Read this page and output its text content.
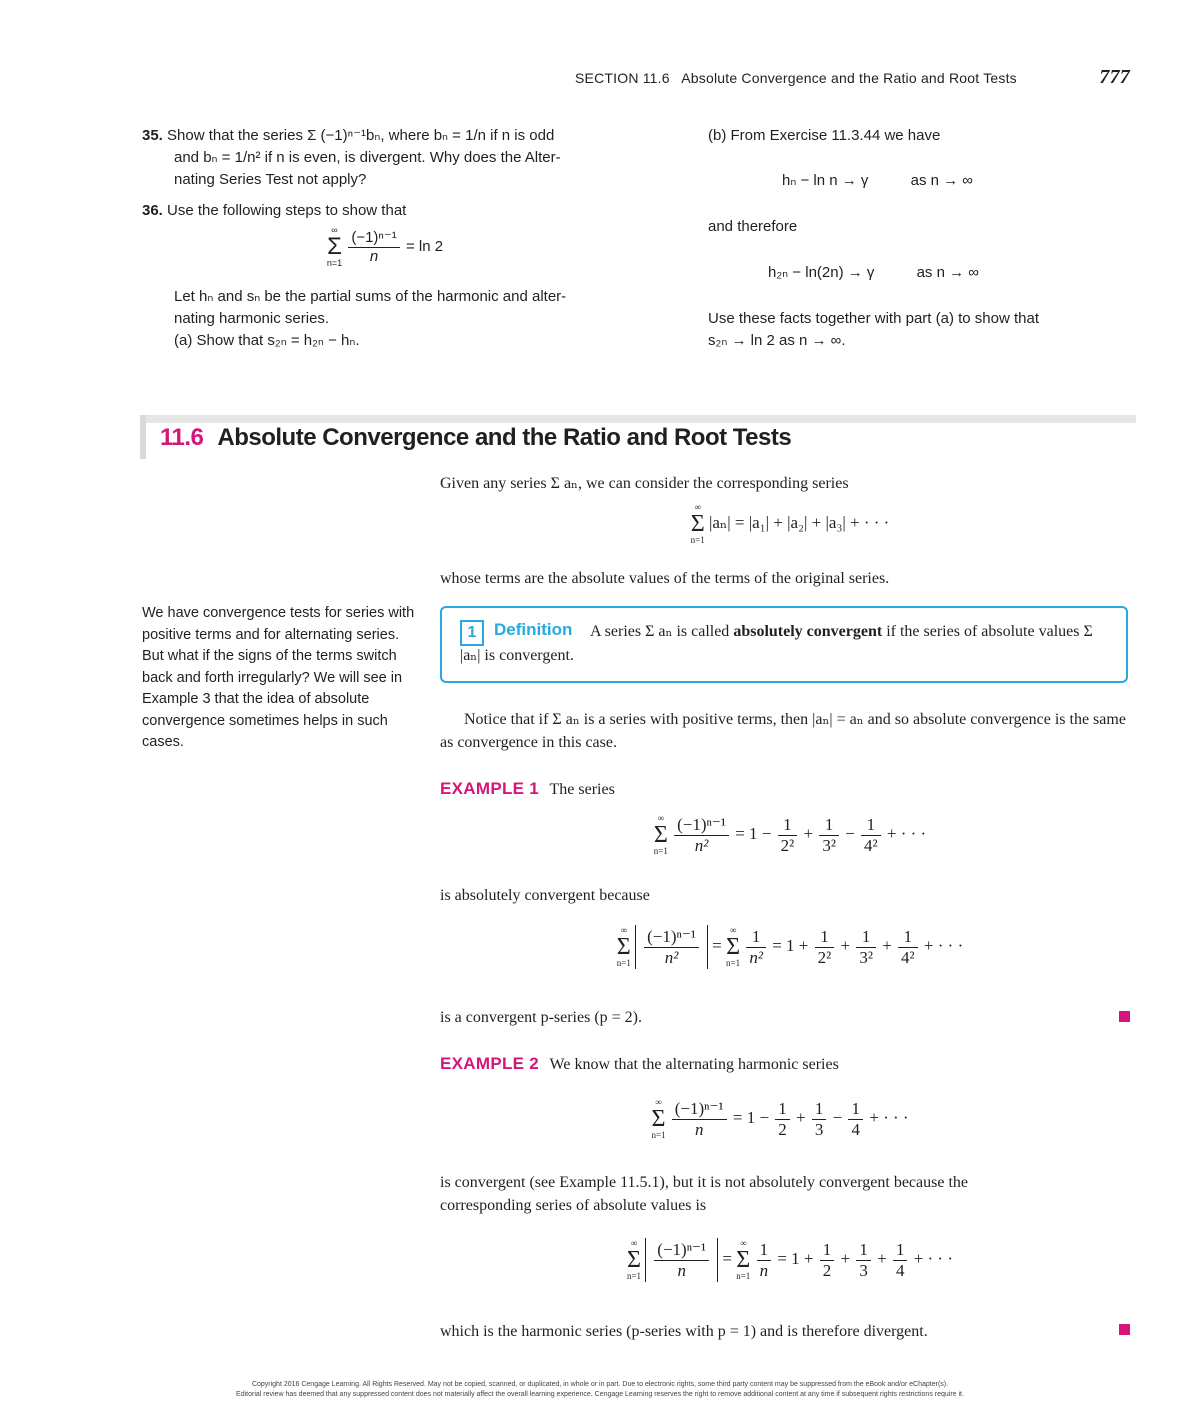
SECTION 11.6 Absolute Convergence and the Ratio and Root Tests	777
35. Show that the series Σ (−1)ⁿ⁻¹bₙ, where bₙ = 1/n if n is odd
and bₙ = 1/n² if n is even, is divergent. Why does the Alter-
nating Series Test not apply?
36. Use the following steps to show that
∞
Σ
n=1
$\frac{\text{(−1)ⁿ⁻¹}}{n} = \ln 2$
Let hₙ and sₙ be the partial sums of the harmonic and alter-
nating harmonic series.
(a) Show that s₂ₙ = h₂ₙ − hₙ.
(b) From Exercise 11.3.44 we have
hₙ − ln n → γ	as n → ∞
and therefore
h₂ₙ − ln(2n) → γ	as n → ∞
Use these facts together with part (a) to show that
s₂ₙ → ln 2 as n → ∞.
11.6 Absolute Convergence and the Ratio and Root Tests
Given any series Σ aₙ, we can consider the corresponding series
∞
Σ
n=1
|aₙ| = |a₁| + |a₂| + |a₃| + · · ·
whose terms are the absolute values of the terms of the original series.
We have convergence tests for series with positive terms and for alternating series. But what if the signs of the terms switch back and forth irregularly? We will see in Example 3 that the idea of absolute convergence sometimes helps in such cases.
1	Definition	A series Σ aₙ is called absolutely convergent if the series of absolute values Σ |aₙ| is convergent.
Notice that if Σ aₙ is a series with positive terms, then |aₙ| = aₙ and so absolute convergence is the same as convergence in this case.
EXAMPLE 1 The series
∞
Σ
n=1
$\frac{\text{(−1)ⁿ⁻¹}}{\text{n²}} = 1 - \frac{1}{\text{2²}} + \frac{1}{\text{3²}} - \frac{1}{\text{4²}}$ + · · ·
is absolutely convergent because
∞
Σ
n=1
$\frac{\text{(−1)ⁿ⁻¹}}{\text{n²}}$ =
∞
Σ
n=1
$\frac{1}{\text{n²}} = 1 + \frac{1}{\text{2²}} + \frac{1}{\text{3²}} + \frac{1}{\text{4²}}$ + · · ·
is a convergent p-series (p = 2).
EXAMPLE 2 We know that the alternating harmonic series
∞
Σ
n=1
$\frac{\text{(−1)ⁿ⁻¹}}{n} = 1 - \frac{1}{2} + \frac{1}{3} - \frac{1}{4}$ + · · ·
is convergent (see Example 11.5.1), but it is not absolutely convergent because the
corresponding series of absolute values is
∞
Σ
n=1
$\frac{\text{(−1)ⁿ⁻¹}}{n}$ =
∞
Σ
n=1
$\frac{1}{n} = 1 + \frac{1}{2} + \frac{1}{3} + \frac{1}{4}$ + · · ·
which is the harmonic series (p-series with p = 1) and is therefore divergent.
Copyright 2016 Cengage Learning. All Rights Reserved. May not be copied, scanned, or duplicated, in whole or in part. Due to electronic rights, some third party content may be suppressed from the eBook and/or eChapter(s).
Editorial review has deemed that any suppressed content does not materially affect the overall learning experience. Cengage Learning reserves the right to remove additional content at any time if subsequent rights restrictions require it.
